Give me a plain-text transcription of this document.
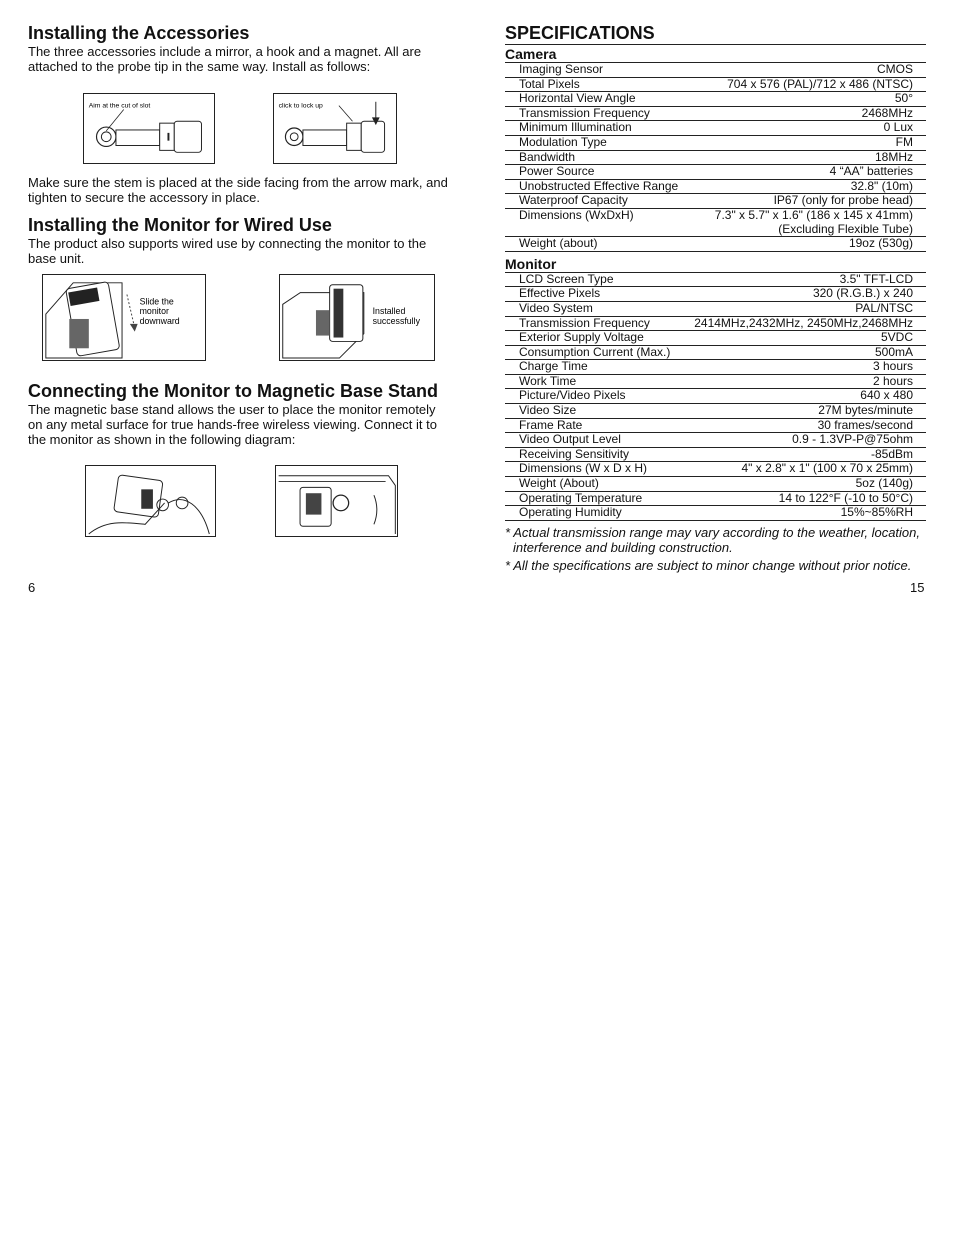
Installing the Accessories

The three accessories include a mirror, a hook and a magnet. All are attached to the probe tip in the same way. Install as follows:

Aim at the cut of slot	click to lock up

Make sure the stem is placed at the side facing from the arrow mark, and tighten to secure the accessory in place.

Installing the Monitor for Wired Use

The product also supports wired use by connecting the monitor to the base unit.

Slide the
monitor
downward
Installed
successfully
Connecting the Monitor to Magnetic Base Stand

The magnetic base stand allows the user to place the monitor remotely on any metal surface for true hands-free wireless viewing. Connect it to the monitor as shown in the following diagram:

6
SPECIFICATIONS
Camera
Imaging Sensor	CMOS
Total Pixels	704 x 576 (PAL)/712 x 486 (NTSC)
Horizontal View Angle	50°
Transmission Frequency	2468MHz
Minimum Illumination	0 Lux
Modulation Type	FM
Bandwidth	18MHz
Power Source	4 “AA” batteries
Unobstructed Effective Range	32.8" (10m)
Waterproof Capacity	IP67 (only for probe head)
Dimensions (WxDxH)	7.3" x 5.7" x 1.6" (186 x 145 x 41mm)
(Excluding Flexible Tube)
Weight (about)	19oz (530g)
Monitor
LCD Screen Type	3.5" TFT-LCD
Effective Pixels	320 (R.G.B.) x 240
Video System	PAL/NTSC
Transmission Frequency	2414MHz,2432MHz, 2450MHz,2468MHz
Exterior Supply Voltage	5VDC
Consumption Current (Max.)	500mA
Charge Time	3 hours
Work Time	2 hours
Picture/Video Pixels	640 x 480
Video Size	27M bytes/minute
Frame Rate	30 frames/second
Video Output Level	0.9 - 1.3VP-P@75ohm
Receiving Sensitivity	-85dBm
Dimensions (W x D x H)	4" x 2.8" x 1" (100 x 70 x 25mm)
Weight (About)	5oz (140g)
Operating Temperature	14 to 122°F (-10 to 50°C)
Operating Humidity	15%~85%RH
* Actual transmission range may vary according to the weather, location, interference and building construction.
* All the specifications are subject to minor change without prior notice.
15
